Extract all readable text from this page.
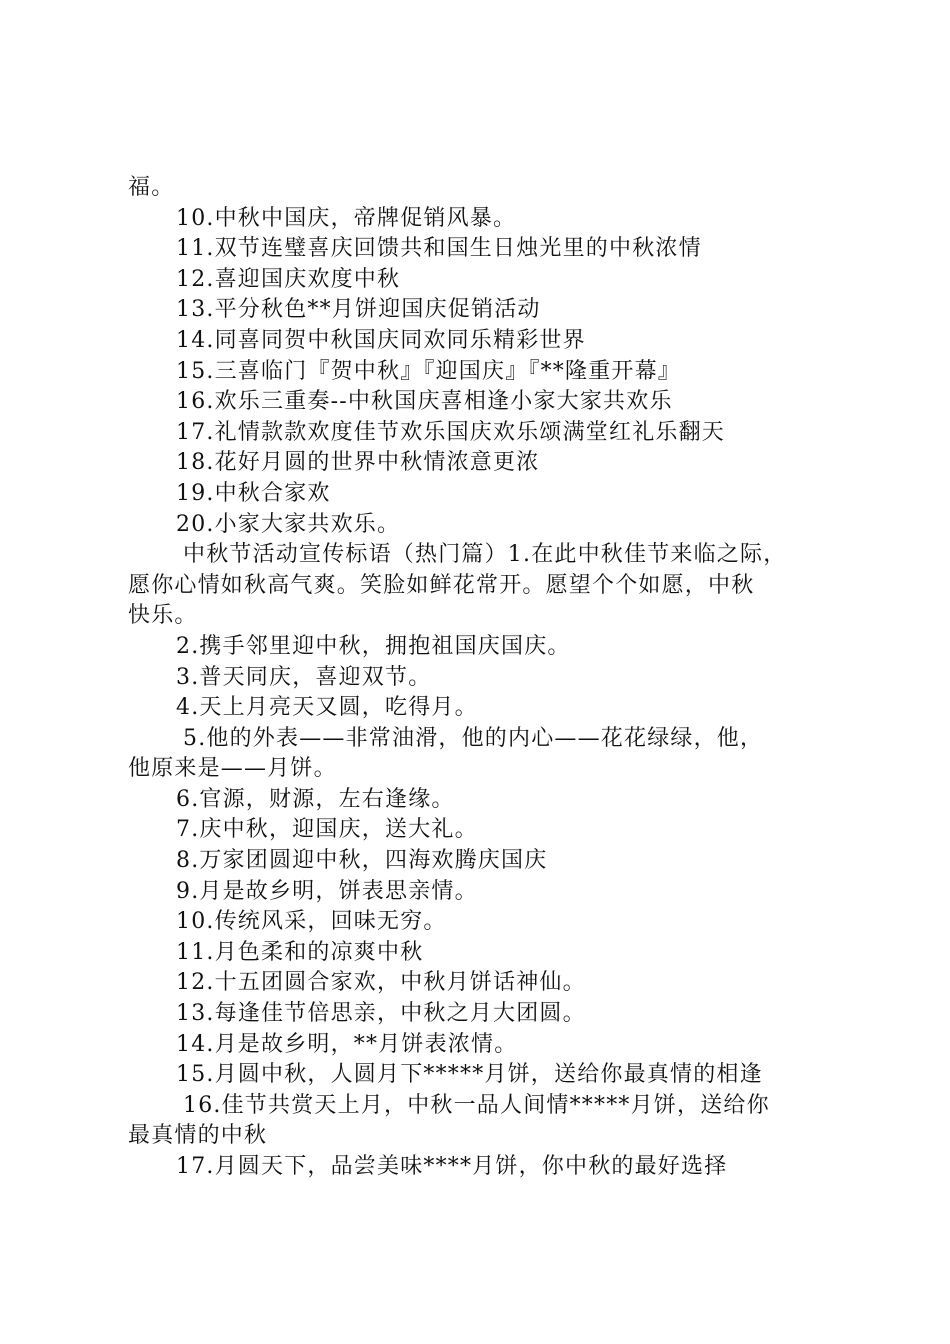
福。
10.中秋中国庆，帝牌促销风暴。
11.双节连璧喜庆回馈共和国生日烛光里的中秋浓情
12.喜迎国庆欢度中秋
13.平分秋色**月饼迎国庆促销活动
14.同喜同贺中秋国庆同欢同乐精彩世界
15.三喜临门『贺中秋』『迎国庆』『**隆重开幕』
16.欢乐三重奏--中秋国庆喜相逢小家大家共欢乐
17.礼情款款欢度佳节欢乐国庆欢乐颂满堂红礼乐翻天
18.花好月圆的世界中秋情浓意更浓
19.中秋合家欢
20.小家大家共欢乐。
中秋节活动宣传标语（热门篇）1.在此中秋佳节来临之际，
愿你心情如秋高气爽。笑脸如鲜花常开。愿望个个如愿，中秋
快乐。
2.携手邻里迎中秋，拥抱祖国庆国庆。
3.普天同庆，喜迎双节。
4.天上月亮天又圆，吃得月。
5.他的外表——非常油滑，他的内心——花花绿绿，他，
他原来是——月饼。
6.官源，财源，左右逢缘。
7.庆中秋，迎国庆，送大礼。
8.万家团圆迎中秋，四海欢腾庆国庆
9.月是故乡明，饼表思亲情。
10.传统风采，回味无穷。
11.月色柔和的凉爽中秋
12.十五团圆合家欢，中秋月饼话神仙。
13.每逢佳节倍思亲，中秋之月大团圆。
14.月是故乡明，**月饼表浓情。
15.月圆中秋，人圆月下*****月饼，送给你最真情的相逢
16.佳节共赏天上月，中秋一品人间情*****月饼，送给你
最真情的中秋
17.月圆天下，品尝美味****月饼，你中秋的最好选择
